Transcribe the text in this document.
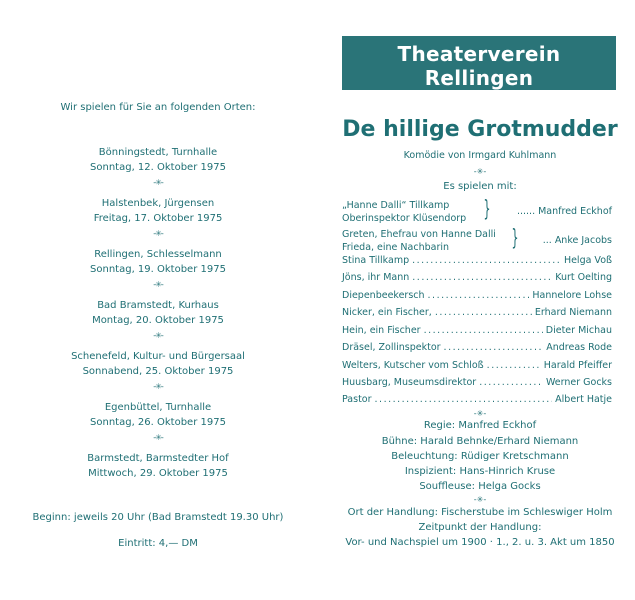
Wir spielen für Sie an folgenden Orten:
Bönningstedt, Turnhalle
Sonntag, 12. Oktober 1975
-✳-
Halstenbek, Jürgensen
Freitag, 17. Oktober 1975
-✳-
Rellingen, Schlesselmann
Sonntag, 19. Oktober 1975
-✳-
Bad Bramstedt, Kurhaus
Montag, 20. Oktober 1975
-✳-
Schenefeld, Kultur- und Bürgersaal
Sonnabend, 25. Oktober 1975
-✳-
Egenbüttel, Turnhalle
Sonntag, 26. Oktober 1975
-✳-
Barmstedt, Barmstedter Hof
Mittwoch, 29. Oktober 1975
Beginn: jeweils 20 Uhr (Bad Bramstedt 19.30 Uhr)
Eintritt: 4,— DM
Theaterverein Rellingen
im Bund deutscher Amateurtheater
De hillige Grotmudder
Komödie von Irmgard Kuhlmann
-✳-
Es spielen mit:
„Hanne Dalli“ Tillkamp
Oberinspektor Klüsendorp }	...... Manfred Eckhof
Greten, Ehefrau von Hanne Dalli
Frieda, eine Nachbarin	}	... Anke Jacobs
Stina Tillkamp .....	Helga Voß
Jöns, ihr Mann .....	Kurt Oelting
Diepenbeekersch .....	Hannelore Lohse
Nicker, ein Fischer, .....	Erhard Niemann
Hein, ein Fischer .....	Dieter Michau
Dräsel, Zollinspektor .....	Andreas Rode
Welters, Kutscher vom Schloß .....	Harald Pfeiffer
Huusbarg, Museumsdirektor .....	Werner Gocks
Pastor .....	Albert Hatje
-✳-
Regie: Manfred Eckhof
Bühne: Harald Behnke/Erhard Niemann
Beleuchtung: Rüdiger Kretschmann
Inspizient: Hans-Hinrich Kruse
Souffleuse: Helga Gocks
-✳-
Ort der Handlung: Fischerstube im Schleswiger Holm
Zeitpunkt der Handlung:
Vor- und Nachspiel um 1900 · 1., 2. u. 3. Akt um 1850
